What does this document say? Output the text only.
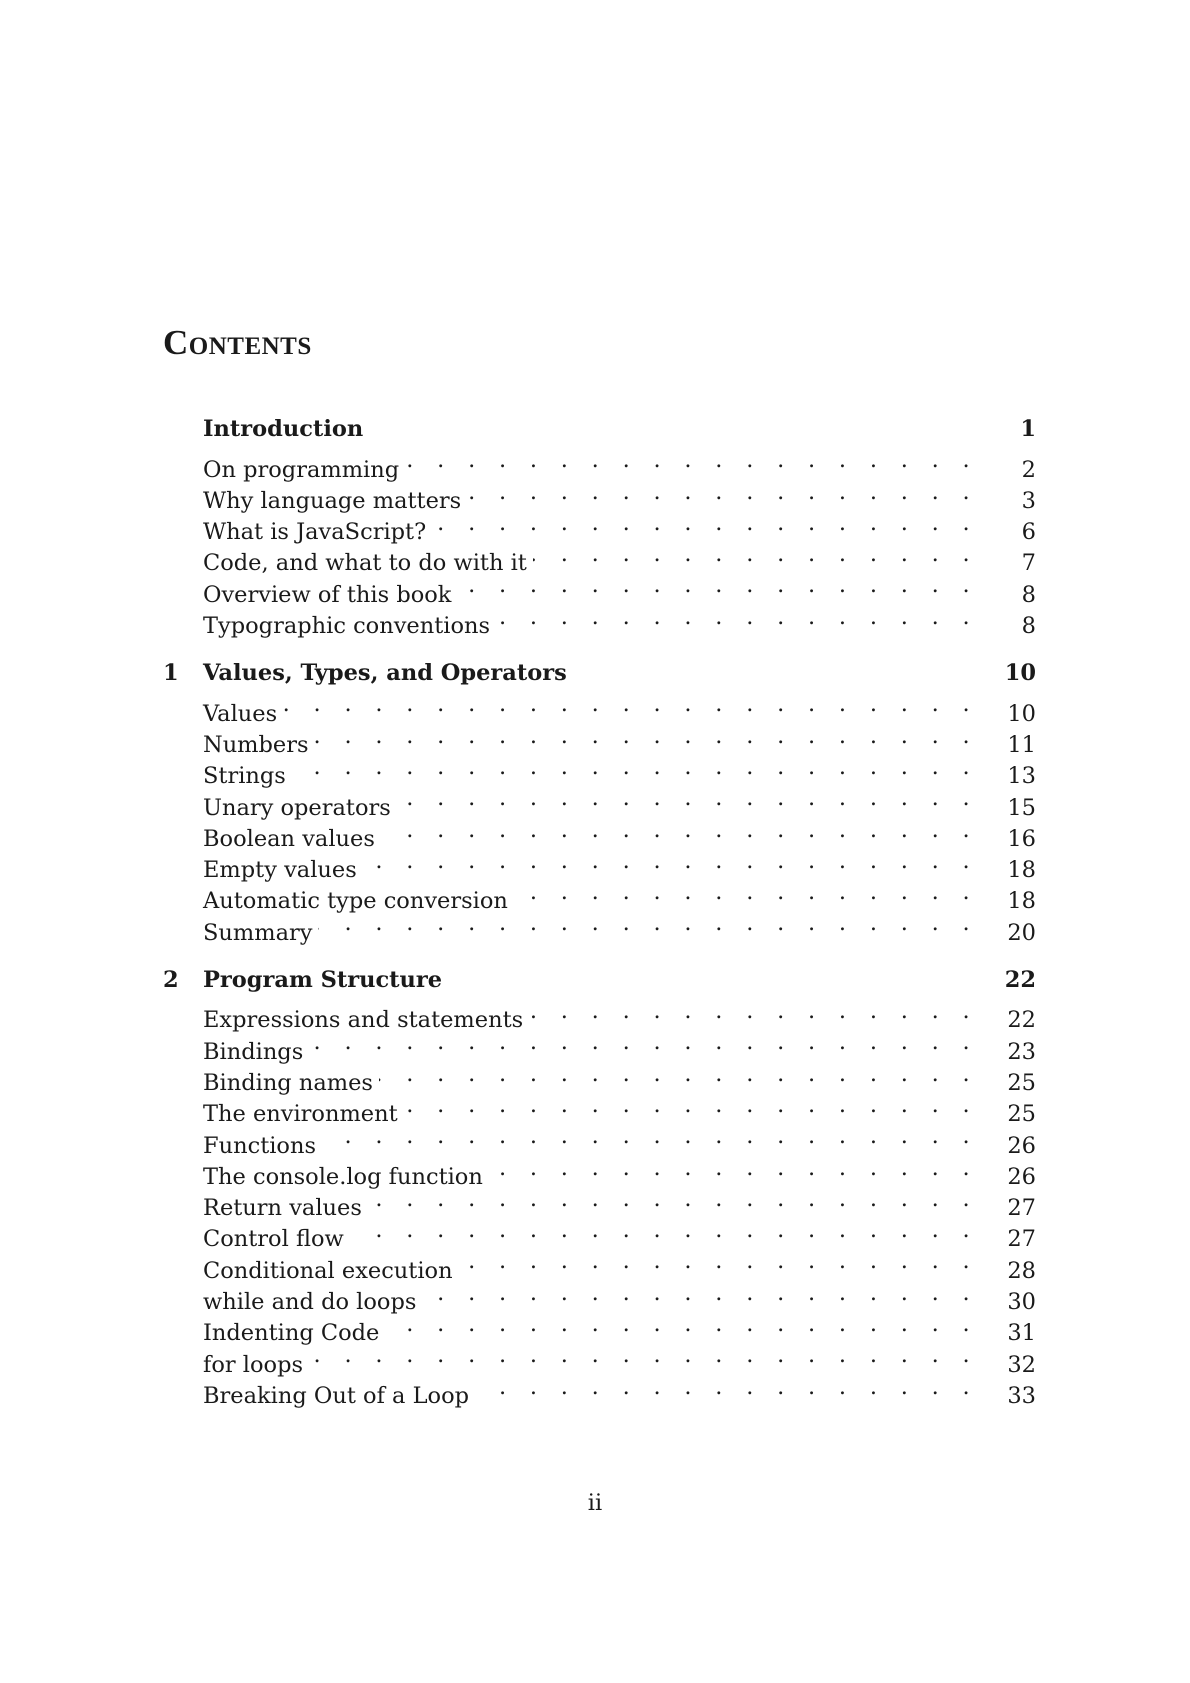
Contents
Introduction	1
On programming . . .	2
Why language matters . . .	3
What is JavaScript? . . .	6
Code, and what to do with it . . .	7
Overview of this book . . .	8
Typographic conventions . . .	8
1	Values, Types, and Operators	10
Values . . .	10
Numbers . . .	11
Strings . . .	13
Unary operators . . .	15
Boolean values . . .	16
Empty values . . .	18
Automatic type conversion . . .	18
Summary . . .	20
2	Program Structure	22
Expressions and statements . . .	22
Bindings . . .	23
Binding names . . .	25
The environment . . .	25
Functions . . .	26
The console.log function . . .	26
Return values . . .	27
Control flow . . .	27
Conditional execution . . .	28
while and do loops . . .	30
Indenting Code . . .	31
for loops . . .	32
Breaking Out of a Loop . . .	33
ii
